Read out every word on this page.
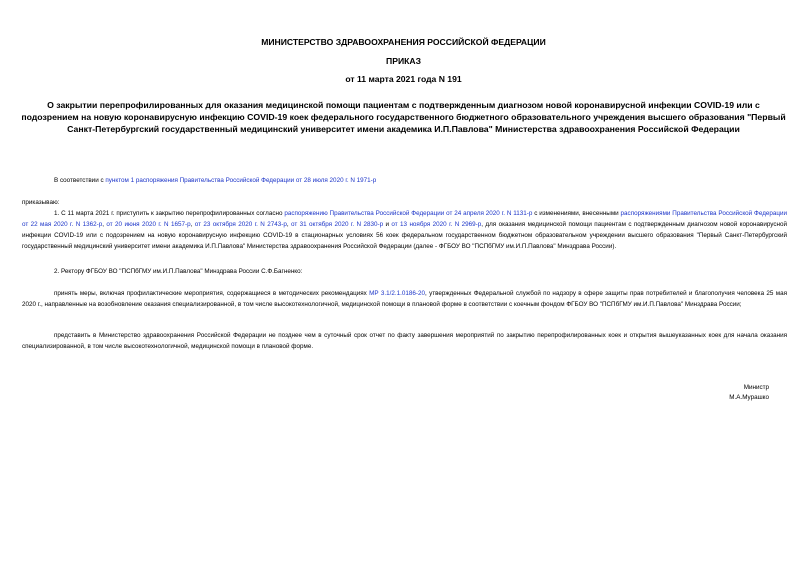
МИНИСТЕРСТВО ЗДРАВООХРАНЕНИЯ РОССИЙСКОЙ ФЕДЕРАЦИИ
ПРИКАЗ
от 11 марта 2021 года N 191
О закрытии перепрофилированных для оказания медицинской помощи пациентам с подтвержденным диагнозом новой коронавирусной инфекции COVID-19 или с подозрением на новую коронавирусную инфекцию COVID-19 коек федерального государственного бюджетного образовательного учреждения высшего образования "Первый Санкт-Петербургский государственный медицинский университет имени академика И.П.Павлова" Министерства здравоохранения Российской Федерации
В соответствии с пунктом 1 распоряжения Правительства Российской Федерации от 28 июля 2020 г. N 1971-р
приказываю:
1. С 11 марта 2021 г. приступить к закрытию перепрофилированных согласно распоряжению Правительства Российской Федерации от 24 апреля 2020 г. N 1131-р с изменениями, внесенными распоряжениями Правительства Российской Федерации от 22 мая 2020 г. N 1362-р, от 20 июня 2020 г. N 1657-р, от 23 октября 2020 г. N 2743-р, от 31 октября 2020 г. N 2830-р и от 13 ноября 2020 г. N 2969-р, для оказания медицинской помощи пациентам с подтвержденным диагнозом новой коронавирусной инфекции COVID-19 или с подозрением на новую коронавирусную инфекцию COVID-19 в стационарных условиях 56 коек федеральном государственном бюджетном образовательном учреждении высшего образования "Первый Санкт-Петербургский государственный медицинский университет имени академика И.П.Павлова" Министерства здравоохранения Российской Федерации (далее - ФГБОУ ВО "ПСПбГМУ им.И.П.Павлова" Минздрава России).
2. Ректору ФГБОУ ВО "ПСПбГМУ им.И.П.Павлова" Минздрава России С.Ф.Багненко:
принять меры, включая профилактические мероприятия, содержащиеся в методических рекомендациях МР 3.1/2.1.0186-20, утвержденных Федеральной службой по надзору в сфере защиты прав потребителей и благополучия человека 25 мая 2020 г., направленные на возобновление оказания специализированной, в том числе высокотехнологичной, медицинской помощи в плановой форме в соответствии с коечным фондом ФГБОУ ВО "ПСПбГМУ им.И.П.Павлова" Минздрава России;
представить в Министерство здравоохранения Российской Федерации не позднее чем в суточный срок отчет по факту завершения мероприятий по закрытию перепрофилированных коек и открытия вышеуказанных коек для начала оказания специализированной, в том числе высокотехнологичной, медицинской помощи в плановой форме.
Министр
М.А.Мурашко
